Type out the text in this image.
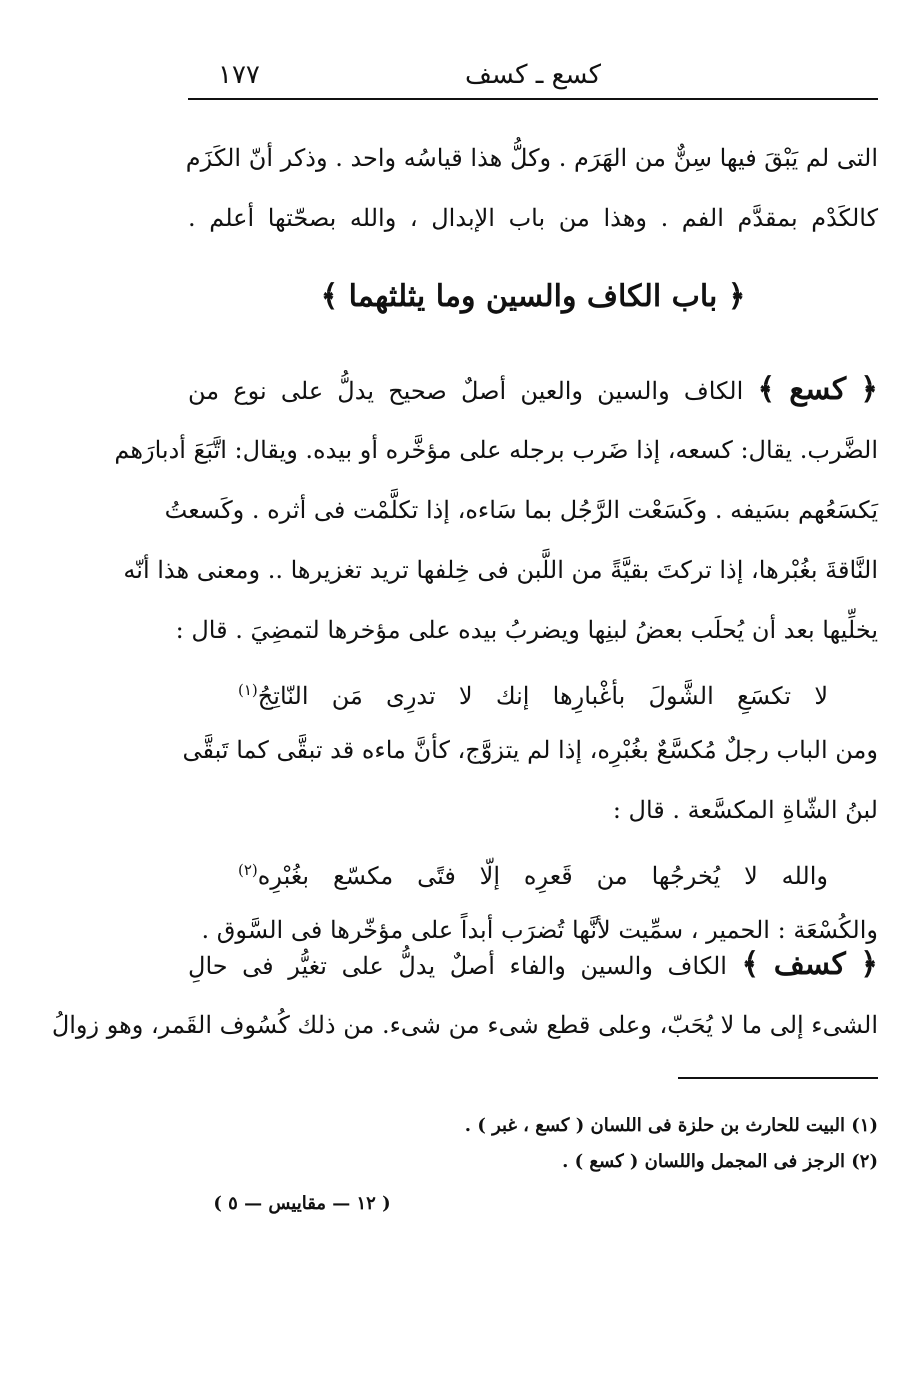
١٧٧	كسع ـ كسف
التى لم يَبْقَ فيها سِنٌّ من الهَرَم . وكلُّ هذا قياسُه واحد . وذكر أنّ الكَزَم
كالكَدْم بمقدَّم الفم . وهذا من باب الإبدال ، والله بصحّتها أعلم .
﴿ باب الكاف والسين وما يثلثهما ﴾
﴿ كسع ﴾ الكاف والسين والعين أصلٌ صحيح يدلُّ على نوع من
الضَّرب. يقال: كسعه، إذا ضَرب برجله على مؤخَّره أو بيده. ويقال: اتَّبَعَ أدبارَهم
يَكسَعُهم بسَيفه . وكَسَعْت الرَّجُل بما سَاءه، إذا تكلَّمْت فى أثره . وكَسعتُ
النَّاقةَ بغُبْرها، إذا تركتَ بقيَّةً من اللَّبن فى خِلفها تريد تغزيرها .. ومعنى هذا أنّه
يخلِّيها بعد أن يُحلَب بعضُ لبنِها ويضربُ بيده على مؤخرها لتمضِيَ . قال :
لا تكسَعِ الشَّولَ بأغْبارِها إنك لا تدرِى مَن النّاتِجُ$^{(١)}$
ومن الباب رجلٌ مُكسَّعٌ بغُبْرِه، إذا لم يتزوَّج، كأنَّ ماءه قد تبقَّى كما تَبقَّى
لبنُ الشّاةِ المكسَّعة . قال :
والله لا يُخرجُها من قَعرِه إلّا فتًى مكسّع بغُبْرِه$^{(٢)}$
والكُسْعَة : الحمير ، سمِّيت لأنَّها تُضرَب أبداً على مؤخّرها فى السَّوق .
﴿ كسف ﴾ الكاف والسين والفاء أصلٌ يدلُّ على تغيُّر فى حالِ
الشىء إلى ما لا يُحَبّ، وعلى قطع شىء من شىء. من ذلك كُسُوف القَمر، وهو زوالُ
(١) البيت للحارث بن حلزة فى اللسان ( كسع ، غبر ) .
(٢) الرجز فى المجمل واللسان ( كسع ) .
( ١٢ — مقاييس — ٥ )
